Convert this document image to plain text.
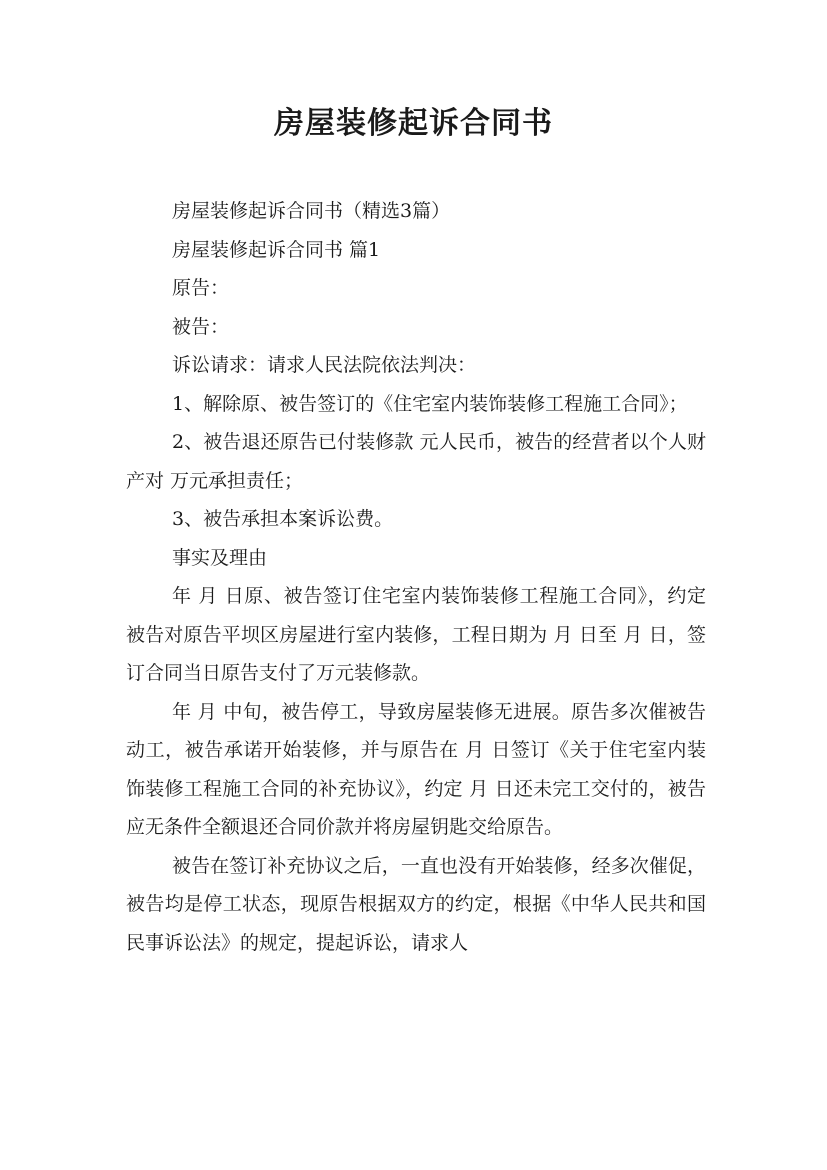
房屋装修起诉合同书

房屋装修起诉合同书（精选3篇）

房屋装修起诉合同书 篇1

原告：

被告：

诉讼请求：请求人民法院依法判决：

1、解除原、被告签订的《住宅室内装饰装修工程施工合同》；

2、被告退还原告已付装修款 元人民币，被告的经营者以个人财产对 万元承担责任；

3、被告承担本案诉讼费。

事实及理由

年 月 日原、被告签订住宅室内装饰装修工程施工合同》，约定被告对原告平坝区房屋进行室内装修，工程日期为 月 日至 月 日，签订合同当日原告支付了万元装修款。

年 月 中旬，被告停工，导致房屋装修无进展。原告多次催被告动工，被告承诺开始装修，并与原告在 月 日签订《关于住宅室内装饰装修工程施工合同的补充协议》，约定 月 日还未完工交付的，被告应无条件全额退还合同价款并将房屋钥匙交给原告。

被告在签订补充协议之后，一直也没有开始装修，经多次催促，被告均是停工状态，现原告根据双方的约定，根据《中华人民共和国民事诉讼法》的规定，提起诉讼，请求人
